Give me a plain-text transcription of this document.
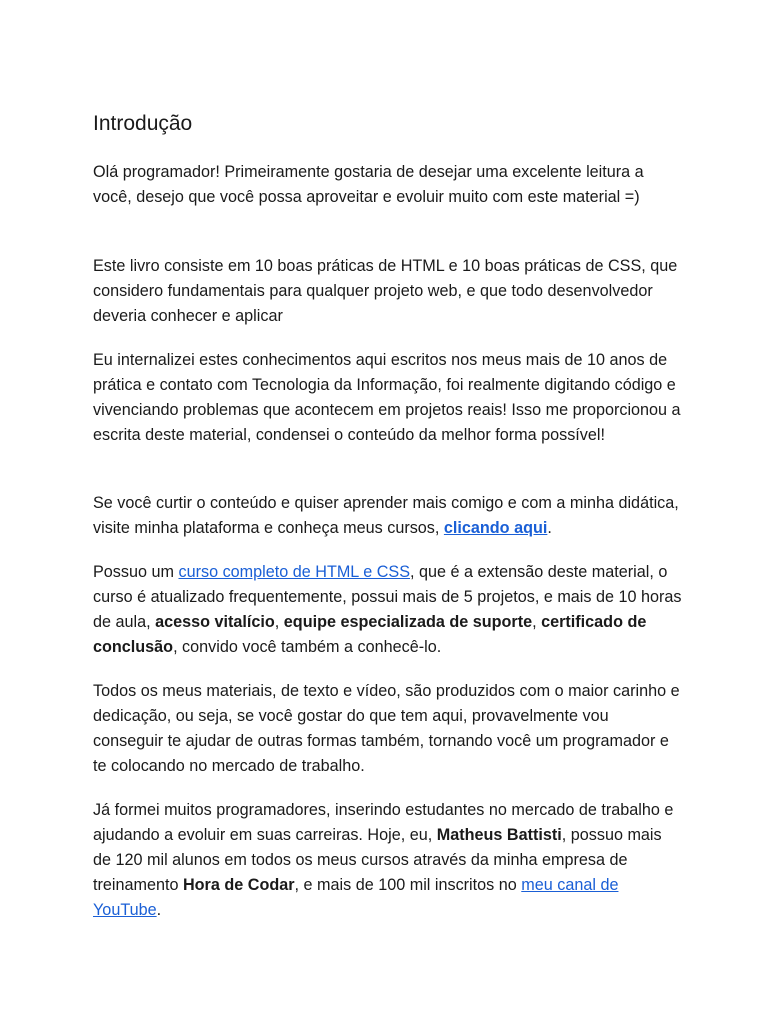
Introdução

Olá programador! Primeiramente gostaria de desejar uma excelente leitura a você, desejo que você possa aproveitar e evoluir muito com este material =)

Este livro consiste em 10 boas práticas de HTML e 10 boas práticas de CSS, que considero fundamentais para qualquer projeto web, e que todo desenvolvedor deveria conhecer e aplicar

Eu internalizei estes conhecimentos aqui escritos nos meus mais de 10 anos de prática e contato com Tecnologia da Informação, foi realmente digitando código e vivenciando problemas que acontecem em projetos reais! Isso me proporcionou a escrita deste material, condensei o conteúdo da melhor forma possível!

Se você curtir o conteúdo e quiser aprender mais comigo e com a minha didática, visite minha plataforma e conheça meus cursos, clicando aqui.

Possuo um curso completo de HTML e CSS, que é a extensão deste material, o curso é atualizado frequentemente, possui mais de 5 projetos, e mais de 10 horas de aula, acesso vitalício, equipe especializada de suporte, certificado de conclusão, convido você também a conhecê-lo.

Todos os meus materiais, de texto e vídeo, são produzidos com o maior carinho e dedicação, ou seja, se você gostar do que tem aqui, provavelmente vou conseguir te ajudar de outras formas também, tornando você um programador e te colocando no mercado de trabalho.

Já formei muitos programadores, inserindo estudantes no mercado de trabalho e ajudando a evoluir em suas carreiras. Hoje, eu, Matheus Battisti, possuo mais de 120 mil alunos em todos os meus cursos através da minha empresa de treinamento Hora de Codar, e mais de 100 mil inscritos no meu canal de YouTube.
